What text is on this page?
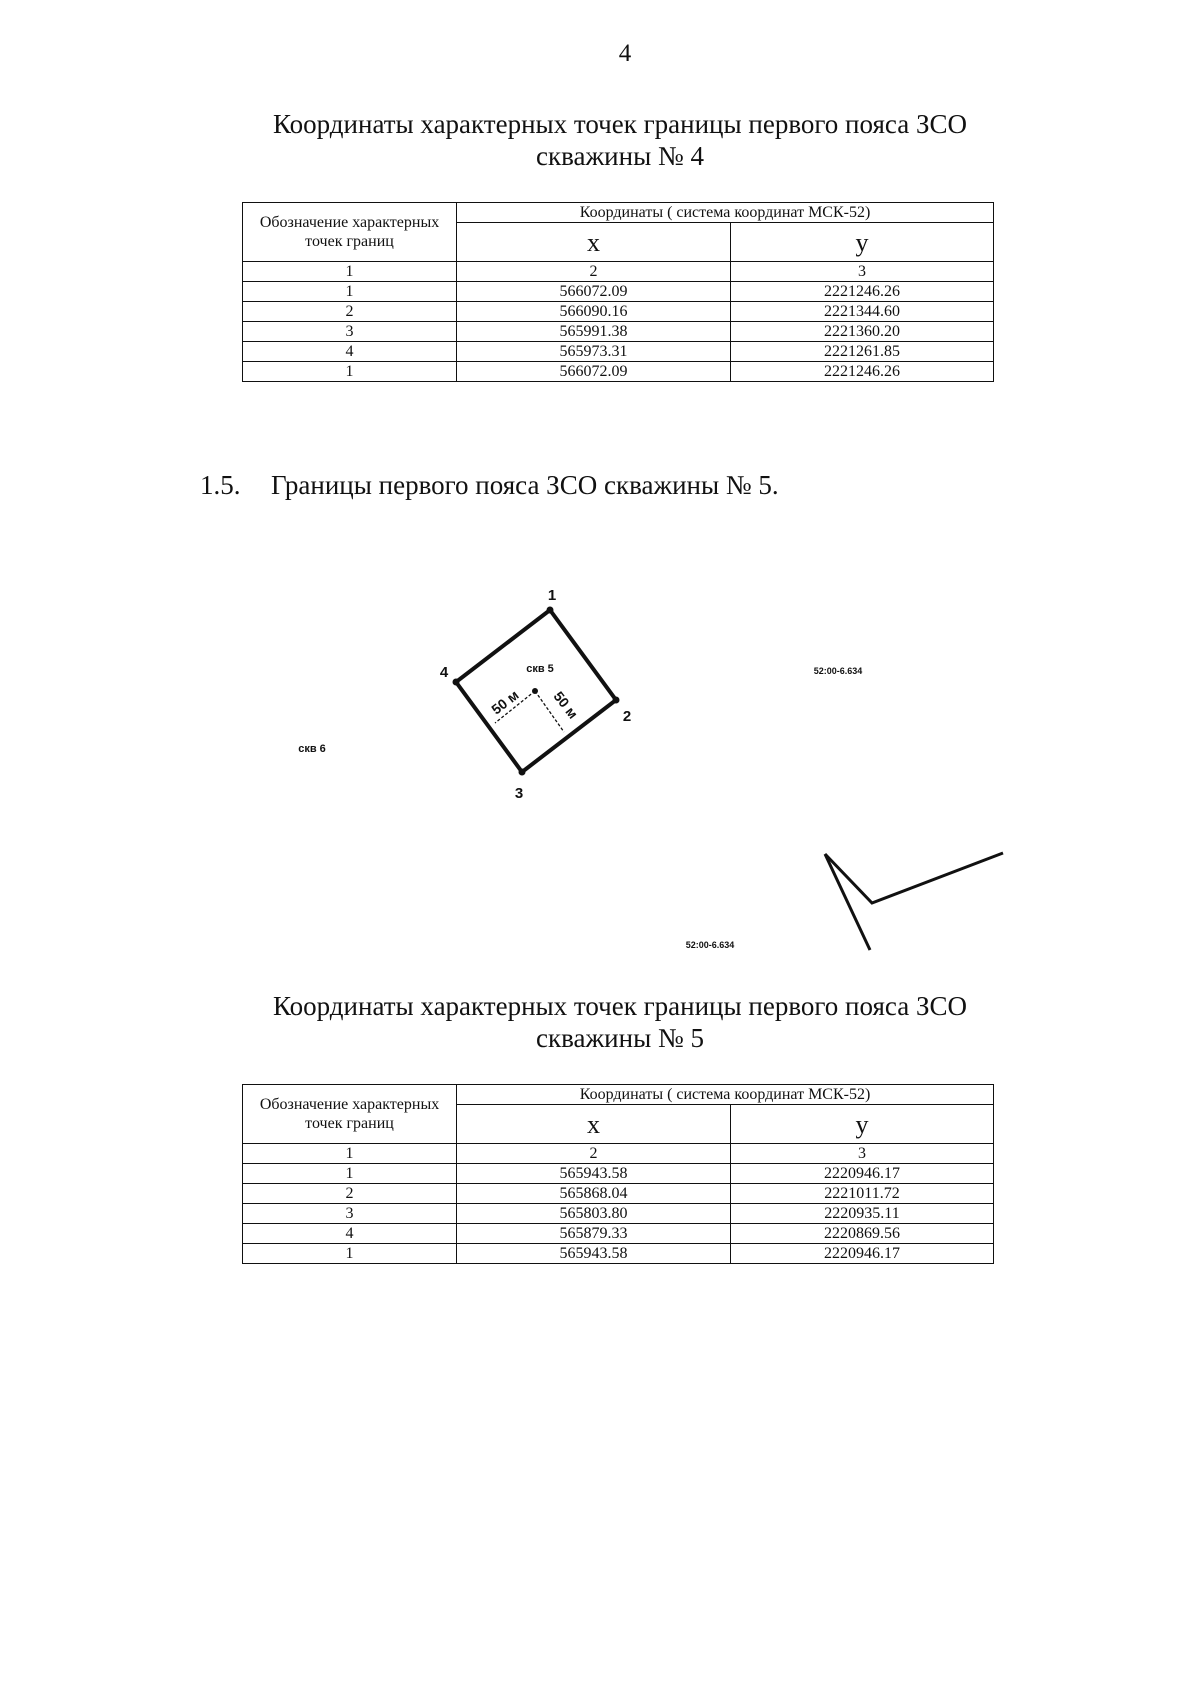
4
Координаты характерных точек границы первого пояса ЗСО
скважины № 4
Обозначение характерных точек границ	Координаты ( система координат МСК-52)	
	x	y
1	2	3
1	566072.09	2221246.26
2	566090.16	2221344.60
3	565991.38	2221360.20
4	565973.31	2221261.85
1	566072.09	2221246.26
1.5. Границы первого пояса ЗСО скважины № 5.
1
2
3
4	скв 5
скв 6
50 м 50 м
52:00-6.634
52:00-6.634
Координаты характерных точек границы первого пояса ЗСО
скважины № 5
Обозначение характерных точек границ	Координаты ( система координат МСК-52)	
	x	y
1	2	3
1	565943.58	2220946.17
2	565868.04	2221011.72
3	565803.80	2220935.11
4	565879.33	2220869.56
1	565943.58	2220946.17
